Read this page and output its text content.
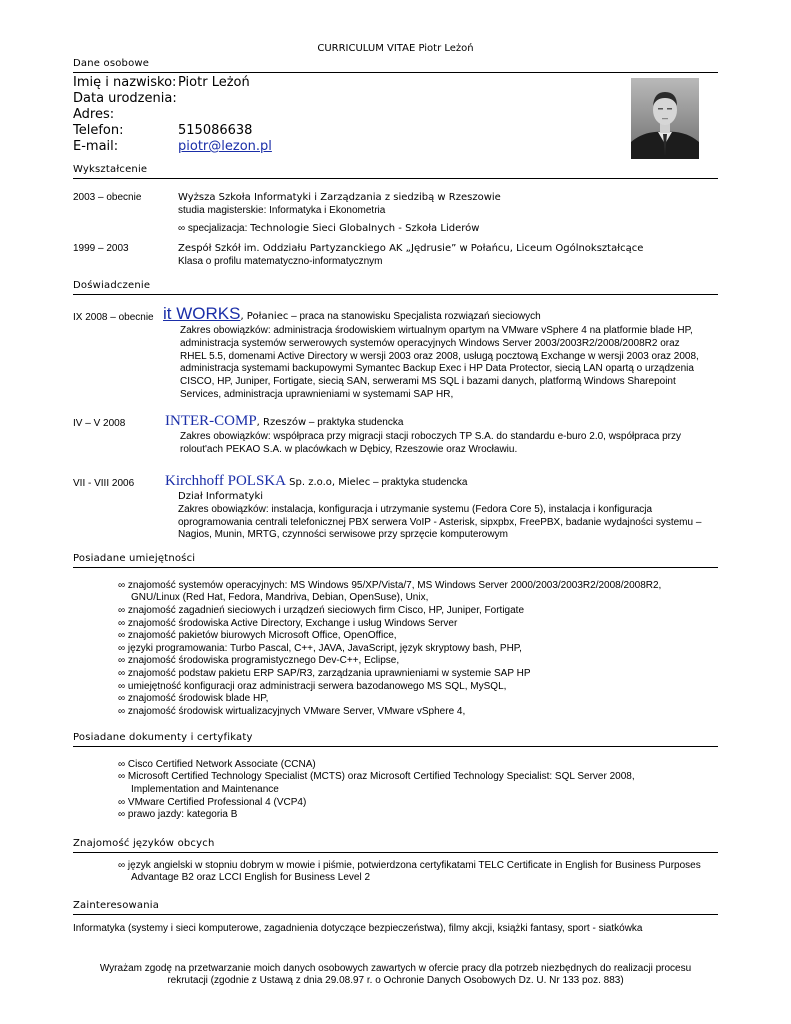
CURRICULUM VITAE Piotr Leżoń
Dane osobowe
Imię i nazwisko: Piotr Leżoń
Data urodzenia:
Adres:
Telefon:	515086638
E-mail:	piotr@lezon.pl
Wykształcenie
2003 – obecnie	Wyższa Szkoła Informatyki i Zarządzania z siedzibą w Rzeszowie
studia magisterskie: Informatyka i Ekonometria
∞ specjalizacja: Technologie Sieci Globalnych - Szkoła Liderów
1999 – 2003	Zespół Szkół im. Oddziału Partyzanckiego AK „Jędrusie” w Połańcu, Liceum Ogólnokształcące
Klasa o profilu matematyczno-informatycznym
Doświadczenie
IX 2008 – obecnie it WORKS, Połaniec – praca na stanowisku Specjalista rozwiązań sieciowych
Zakres obowiązków: administracja środowiskiem wirtualnym opartym na VMware vSphere 4 na platformie blade HP,
administracja systemów serwerowych systemów operacyjnych Windows Server 2003/2003R2/2008/2008R2 oraz
RHEL 5.5, domenami Active Directory w wersji 2003 oraz 2008, usługą pocztową Exchange w wersji 2003 oraz 2008,
administracja systemami backupowymi Symantec Backup Exec i HP Data Protector, siecią LAN opartą o urządzenia
CISCO, HP, Juniper, Fortigate, siecią SAN, serwerami MS SQL i bazami danych, platformą Windows Sharepoint
Services, administracja uprawnieniami w systemami SAP HR,
IV – V 2008	INTER-COMP, Rzeszów – praktyka studencka
Zakres obowiązków: współpraca przy migracji stacji roboczych TP S.A. do standardu e-buro 2.0, współpraca przy
rolout'ach PEKAO S.A. w placówkach w Dębicy, Rzeszowie oraz Wrocławiu.
VII - VIII 2006 Kirchhoff POLSKA Sp. z.o.o, Mielec – praktyka studencka
Dział Informatyki
Zakres obowiązków: instalacja, konfiguracja i utrzymanie systemu (Fedora Core 5), instalacja i konfiguracja
oprogramowania centrali telefonicznej PBX serwera VoIP - Asterisk, sipxpbx, FreePBX, badanie wydajności systemu –
Nagios, Munin, MRTG, czynności serwisowe przy sprzęcie komputerowym
Posiadane umiejętności
∞ znajomość systemów operacyjnych: MS Windows 95/XP/Vista/7, MS Windows Server 2000/2003/2003R2/2008/2008R2,
GNU/Linux (Red Hat, Fedora, Mandriva, Debian, OpenSuse), Unix,
∞ znajomość zagadnień sieciowych i urządzeń sieciowych firm Cisco, HP, Juniper, Fortigate
∞ znajomość środowiska Active Directory, Exchange i usług Windows Server
∞ znajomość pakietów biurowych Microsoft Office, OpenOffice,
∞ języki programowania: Turbo Pascal, C++, JAVA, JavaScript, język skryptowy bash, PHP,
∞ znajomość środowiska programistycznego Dev-C++, Eclipse,
∞ znajomość podstaw pakietu ERP SAP/R3, zarządzania uprawnieniami w systemie SAP HP
∞ umiejętność konfiguracji oraz administracji serwera bazodanowego MS SQL, MySQL,
∞ znajomość środowisk blade HP,
∞ znajomość środowisk wirtualizacyjnych VMware Server, VMware vSphere 4,
Posiadane dokumenty i certyfikaty
∞ Cisco Certified Network Associate (CCNA)
∞ Microsoft Certified Technology Specialist (MCTS) oraz Microsoft Certified Technology Specialist: SQL Server 2008,
Implementation and Maintenance
∞ VMware Certified Professional 4 (VCP4)
∞ prawo jazdy: kategoria B
Znajomość języków obcych
∞ język angielski w stopniu dobrym w mowie i piśmie, potwierdzona certyfikatami TELC Certificate in English for Business Purposes
Advantage B2 oraz LCCI English for Business Level 2
Zainteresowania
Informatyka (systemy i sieci komputerowe, zagadnienia dotyczące bezpieczeństwa), filmy akcji, książki fantasy, sport - siatkówka
Wyrażam zgodę na przetwarzanie moich danych osobowych zawartych w ofercie pracy dla potrzeb niezbędnych do realizacji procesu
rekrutacji (zgodnie z Ustawą z dnia 29.08.97 r. o Ochronie Danych Osobowych Dz. U. Nr 133 poz. 883)
